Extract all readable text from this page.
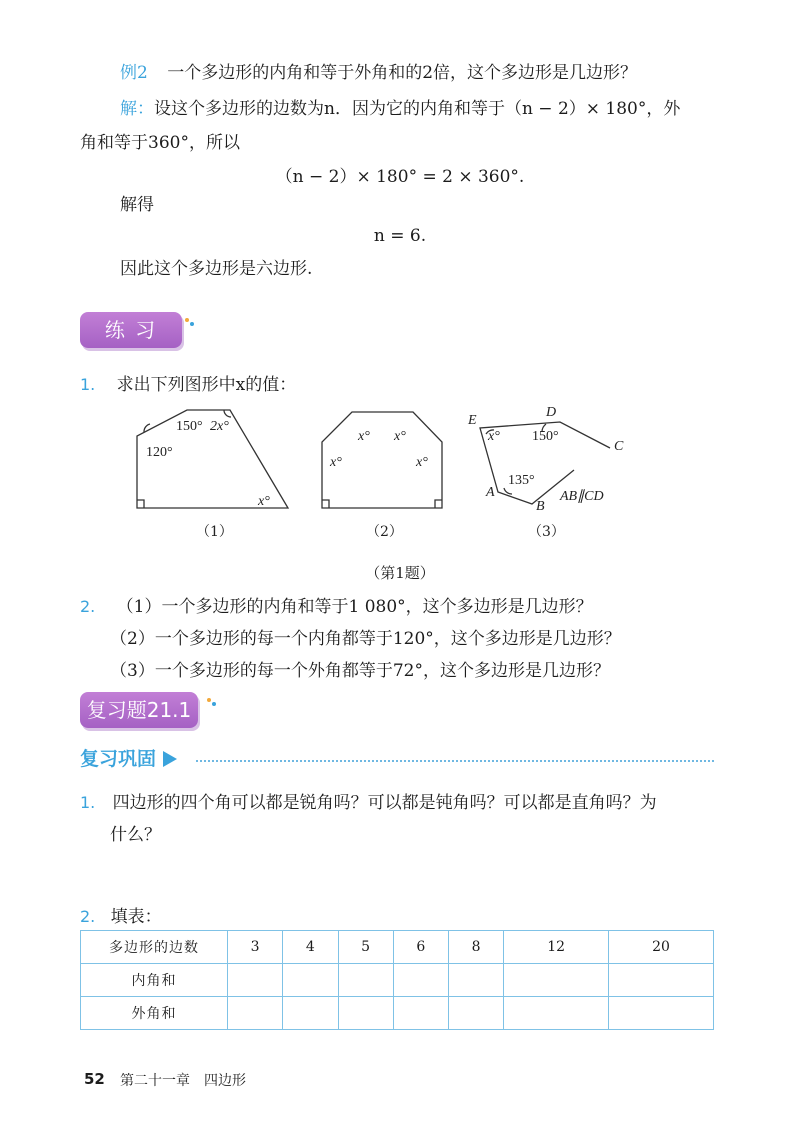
例2 一个多边形的内角和等于外角和的2倍，这个多边形是几边形？
解：设这个多边形的边数为n．因为它的内角和等于（n − 2）× 180°，外
角和等于360°，所以
（n − 2）× 180° = 2 × 360°.
解得
n = 6.
因此这个多边形是六边形.
练 习
1. 求出下列图形中x的值：
150° 2x°
120°
x°
x° x°
x°	x°
E
D
C
x° 150°
135°
A
B
AB∥CD
（1）	（2）	（3）
（第1题）
2. （1）一个多边形的内角和等于1 080°，这个多边形是几边形？
（2）一个多边形的每一个内角都等于120°，这个多边形是几边形？
（3）一个多边形的每一个外角都等于72°，这个多边形是几边形？
复习题21.1
复习巩固
1. 四边形的四个角可以都是锐角吗？可以都是钝角吗？可以都是直角吗？为
什么？
2. 填表：
多边形的边数	3	4	5	6	8	12	20
内角和							
外角和							
52 第二十一章　四边形
